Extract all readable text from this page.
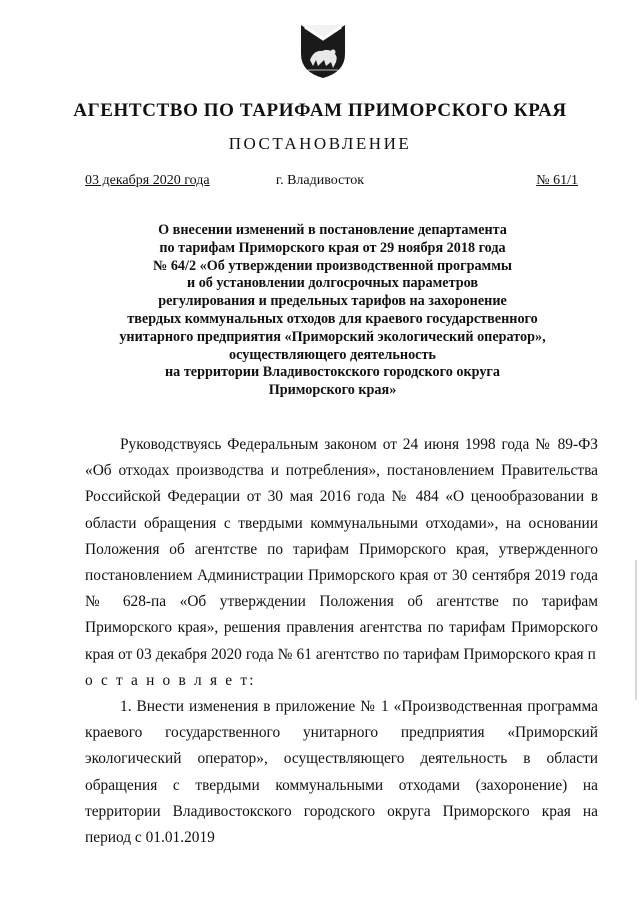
АГЕНТСТВО ПО ТАРИФАМ ПРИМОРСКОГО КРАЯ
ПОСТАНОВЛЕНИЕ
03 декабря 2020 года	г. Владивосток	№ 61/1
О внесении изменений в постановление департамента
по тарифам Приморского края от 29 ноября 2018 года
№ 64/2 «Об утверждении производственной программы
и об установлении долгосрочных параметров
регулирования и предельных тарифов на захоронение
твердых коммунальных отходов для краевого государственного
унитарного предприятия «Приморский экологический оператор»,
осуществляющего деятельность
на территории Владивостокского городского округа
Приморского края»

Руководствуясь Федеральным законом от 24 июня 1998 года № 89-ФЗ «Об отходах производства и потребления», постановлением Правительства Российской Федерации от 30 мая 2016 года № 484 «О ценообразовании в области обращения с твердыми коммунальными отходами», на основании Положения об агентстве по тарифам Приморского края, утвержденного постановлением Администрации Приморского края от 30 сентября 2019 года № 628-па «Об утверждении Положения об агентстве по тарифам Приморского края», решения правления агентства по тарифам Приморского края от 03 декабря 2020 года № 61 агентство по тарифам Приморского края п о с т а н о в л я е т:

1. Внести изменения в приложение № 1 «Производственная программа краевого государственного унитарного предприятия «Приморский экологический оператор», осуществляющего деятельность в области обращения с твердыми коммунальными отходами (захоронение) на территории Владивостокского городского округа Приморского края на период с 01.01.2019
